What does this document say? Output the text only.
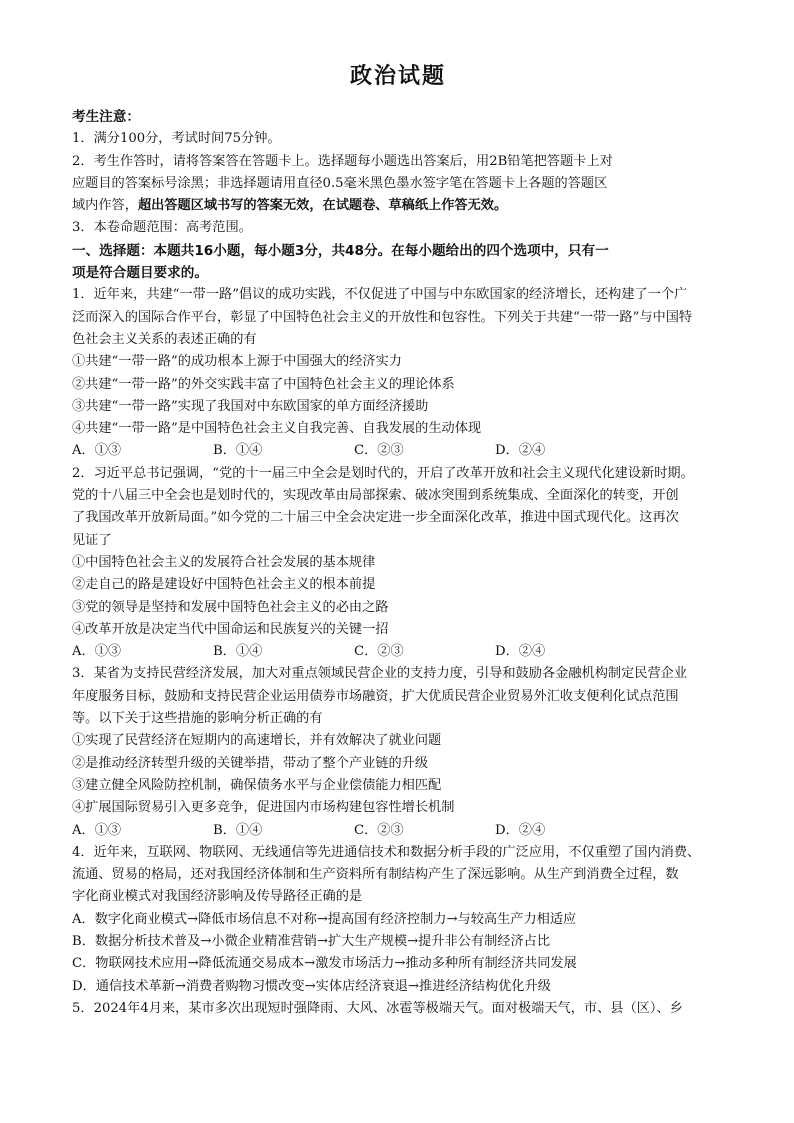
政治试题
考生注意：
1．满分100分，考试时间75分钟。
2．考生作答时，请将答案答在答题卡上。选择题每小题选出答案后，用2B铅笔把答题卡上对
应题目的答案标号涂黑；非选择题请用直径0.5毫米黑色墨水签字笔在答题卡上各题的答题区
域内作答，超出答题区域书写的答案无效，在试题卷、草稿纸上作答无效。
3．本卷命题范围：高考范围。
一、选择题：本题共16小题，每小题3分，共48分。在每小题给出的四个选项中，只有一
项是符合题目要求的。
1．近年来，共建“一带一路”倡议的成功实践，不仅促进了中国与中东欧国家的经济增长，还构建了一个广
泛而深入的国际合作平台，彰显了中国特色社会主义的开放性和包容性。下列关于共建“一带一路”与中国特
色社会主义关系的表述正确的有
①共建“一带一路”的成功根本上源于中国强大的经济实力
②共建“一带一路”的外交实践丰富了中国特色社会主义的理论体系
③共建“一带一路”实现了我国对中东欧国家的单方面经济援助
④共建“一带一路”是中国特色社会主义自我完善、自我发展的生动体现
A．①③	B．①④	C．②③	D．②④
2．习近平总书记强调，“党的十一届三中全会是划时代的，开启了改革开放和社会主义现代化建设新时期。
党的十八届三中全会也是划时代的，实现改革由局部探索、破冰突围到系统集成、全面深化的转变，开创
了我国改革开放新局面。”如今党的二十届三中全会决定进一步全面深化改革，推进中国式现代化。这再次
见证了
①中国特色社会主义的发展符合社会发展的基本规律
②走自己的路是建设好中国特色社会主义的根本前提
③党的领导是坚持和发展中国特色社会主义的必由之路
④改革开放是决定当代中国命运和民族复兴的关键一招
A．①③	B．①④	C．②③	D．②④
3．某省为支持民营经济发展，加大对重点领域民营企业的支持力度，引导和鼓励各金融机构制定民营企业
年度服务目标，鼓励和支持民营企业运用债券市场融资，扩大优质民营企业贸易外汇收支便利化试点范围
等。以下关于这些措施的影响分析正确的有
①实现了民营经济在短期内的高速增长，并有效解决了就业问题
②是推动经济转型升级的关键举措，带动了整个产业链的升级
③建立健全风险防控机制，确保债务水平与企业偿债能力相匹配
④扩展国际贸易引入更多竞争，促进国内市场构建包容性增长机制
A．①③	B．①④	C．②③	D．②④
4．近年来，互联网、物联网、无线通信等先进通信技术和数据分析手段的广泛应用，不仅重塑了国内消费、
流通、贸易的格局，还对我国经济体制和生产资料所有制结构产生了深远影响。从生产到消费全过程，数
字化商业模式对我国经济影响及传导路径正确的是
A．数字化商业模式→降低市场信息不对称→提高国有经济控制力→与较高生产力相适应
B．数据分析技术普及→小微企业精准营销→扩大生产规模→提升非公有制经济占比
C．物联网技术应用→降低流通交易成本→激发市场活力→推动多种所有制经济共同发展
D．通信技术革新→消费者购物习惯改变→实体店经济衰退→推进经济结构优化升级
5．2024年4月来，某市多次出现短时强降雨、大风、冰雹等极端天气。面对极端天气，市、县（区）、乡
